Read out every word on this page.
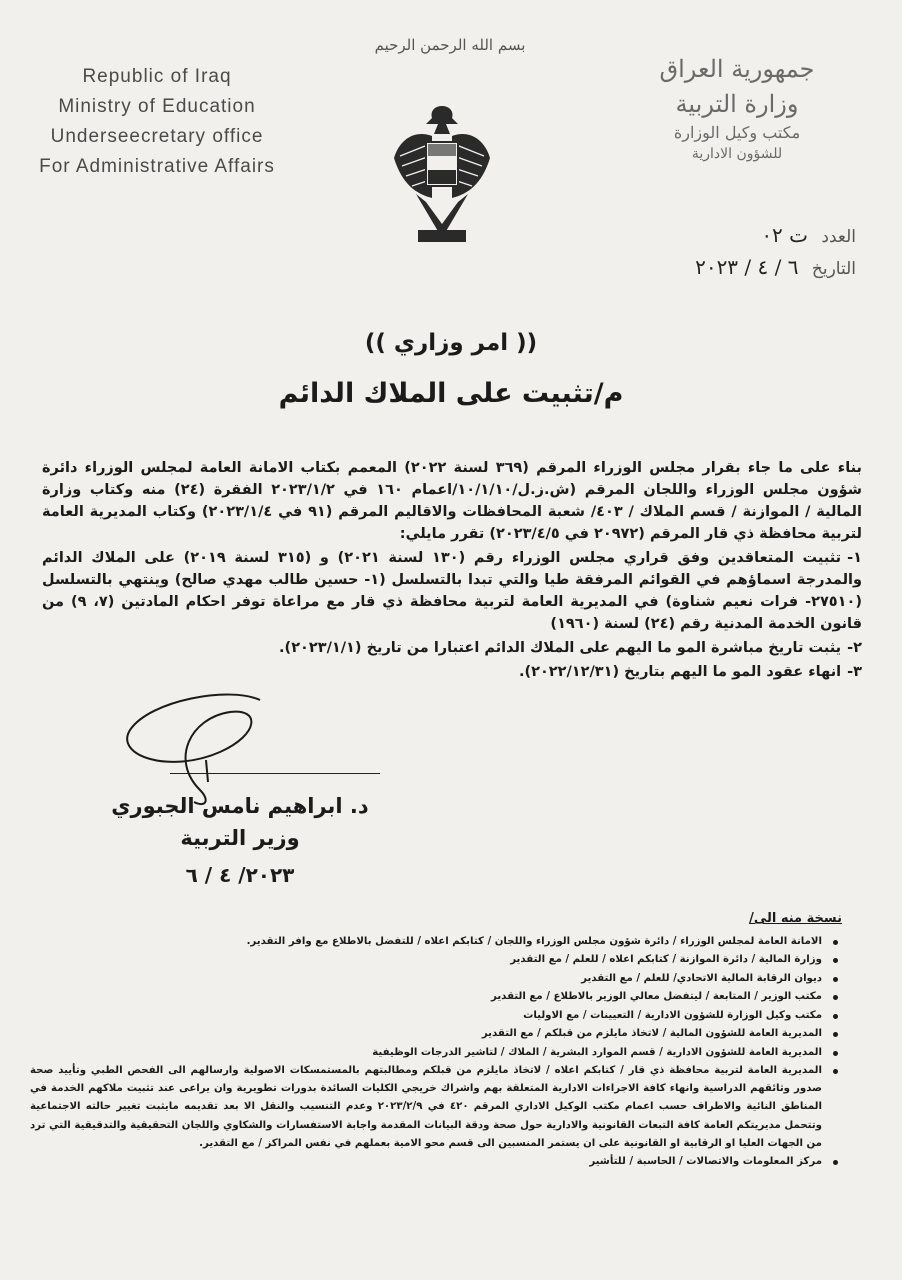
بسم الله الرحمن الرحيم
Republic of Iraq
Ministry of Education
Underseecretary office
For Administrative Affairs
جمهورية العراق
وزارة التربية
مكتب وكيل الوزارة
للشؤون الادارية
العدد ت ٠٢
التاريخ ٦ / ٤ / ٢٠٢٣
(( امر وزاري ))
م/تثبيت على الملاك الدائم

بناء على ما جاء بقرار مجلس الوزراء المرقم (٣٦٩ لسنة ٢٠٢٢) المعمم بكتاب الامانة العامة لمجلس الوزراء دائرة شؤون مجلس الوزراء واللجان المرقم (ش.ز.ل/١٠/١/١٠/اعمام ١٦٠ في ٢٠٢٣/١/٢ الفقرة (٢٤) منه وكتاب وزارة المالية / الموازنة / قسم الملاك / ٤٠٣/ شعبة المحافظات والاقاليم المرقم (٩١ في ٢٠٢٣/١/٤) وكتاب المديرية العامة لتربية محافظة ذي قار المرقم (٢٠٩٧٢ في ٢٠٢٣/٤/٥) تقرر مايلي:

١-تثبيت المتعاقدين وفق قراري مجلس الوزراء رقم (١٣٠ لسنة ٢٠٢١) و (٣١٥ لسنة ٢٠١٩) على الملاك الدائم والمدرجة اسماؤهم في القوائم المرفقة طيا والتي تبدا بالتسلسل (١- حسين طالب مهدي صالح) وينتهي بالتسلسل (٢٧٥١٠- فرات نعيم شناوة) في المديرية العامة لتربية محافظة ذي قار مع مراعاة توفر احكام المادتين (٧، ٩) من قانون الخدمة المدنية رقم (٢٤) لسنة (١٩٦٠)

٢-يثبت تاريخ مباشرة المو ما اليهم على الملاك الدائم اعتبارا من تاريخ (٢٠٢٣/١/١).

٣-انهاء عقود المو ما اليهم بتاريخ (٢٠٢٢/١٢/٣١).

د. ابراهيم نامس الجبوري
وزير التربية
٢٠٢٣/ ٤ / ٦
نسخة منه الى/
الامانة العامة لمجلس الوزراء / دائرة شؤون مجلس الوزراء واللجان / كتابكم اعلاه / للتفضل بالاطلاع مع وافر التقدير.
وزارة المالية / دائرة الموازنة / كتابكم اعلاه / للعلم / مع التقدير
ديوان الرقابة المالية الاتحادي/ للعلم / مع التقدير
مكتب الوزير / المتابعة / ليتفضل معالي الوزير بالاطلاع / مع التقدير
مكتب وكيل الوزارة للشؤون الادارية / التعيينات / مع الاوليات
المديرية العامة للشؤون المالية / لاتخاذ مايلزم من قبلكم / مع التقدير
المديرية العامة للشؤون الادارية / قسم الموارد البشرية / الملاك / لتاشير الدرجات الوظيفية
المديرية العامة لتربية محافظة ذي قار / كتابكم اعلاه / لاتخاذ مايلزم من قبلكم ومطالبتهم بالمستمسكات الاصولية وارسالهم الى الفحص الطبي وتأييد صحة صدور وثائقهم الدراسية وانهاء كافة الاجراءات الادارية المتعلقة بهم واشراك خريجي الكليات السائدة بدورات تطويرية وان يراعى عند تثبيت ملاكهم الخدمة في المناطق النائية والاطراف حسب اعمام مكتب الوكيل الاداري المرقم ٤٢٠ في ٢٠٢٣/٢/٩ وعدم التنسيب والنقل الا بعد تقديمه مايثبت تغيير حالته الاجتماعية وتتحمل مديريتكم العامة كافة التبعات القانونية والادارية حول صحة ودقة البيانات المقدمة واجابة الاستفسارات والشكاوي واللجان التحقيقية والتدقيقية التي ترد من الجهات العليا او الرقابية او القانونية على ان يستمر المنسبين الى قسم محو الامية بعملهم في نفس المراكز / مع التقدير.
مركز المعلومات والاتصالات / الحاسبة / للتأشير
